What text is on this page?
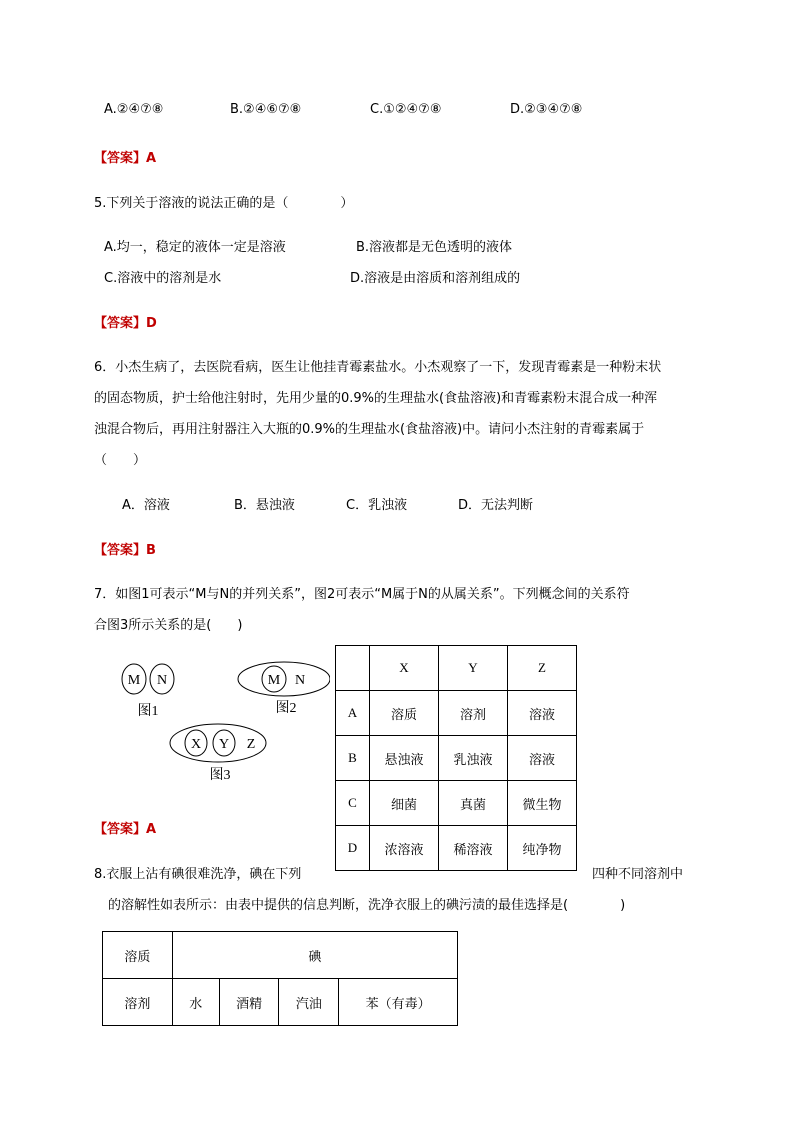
A.②④⑦⑧	B.②④⑥⑦⑧	C.①②④⑦⑧	D.②③④⑦⑧
【答案】A
5.下列关于溶液的说法正确的是（　　　　）
A.均一，稳定的液体一定是溶液	B.溶液都是无色透明的液体
C.溶液中的溶剂是水	D.溶液是由溶质和溶剂组成的
【答案】D
6．小杰生病了，去医院看病，医生让他挂青霉素盐水。小杰观察了一下，发现青霉素是一种粉末状
的固态物质，护士给他注射时，先用少量的0.9%的生理盐水(食盐溶液)和青霉素粉末混合成一种浑
浊混合物后，再用注射器注入大瓶的0.9%的生理盐水(食盐溶液)中。请问小杰注射的青霉素属于
（　　）
A．溶液	B．悬浊液	C．乳浊液	D．无法判断
【答案】B
7．如图1可表示“M与N的并列关系”，图2可表示“M属于N的从属关系”。下列概念间的关系符
合图3所示关系的是(　　)
M N
图1
M N
图2
X Y Z
图3
	X	Y	Z
A	溶质	溶剂	溶液
B	悬浊液	乳浊液	溶液
C	细菌	真菌	微生物
D	浓溶液	稀溶液	纯净物
【答案】A
8.衣服上沾有碘很难洗净，碘在下列	四种不同溶剂中
的溶解性如表所示：由表中提供的信息判断，洗净衣服上的碘污渍的最佳选择是(　　　　)
溶质	碘			
溶剂	水	酒精	汽油	苯（有毒）
